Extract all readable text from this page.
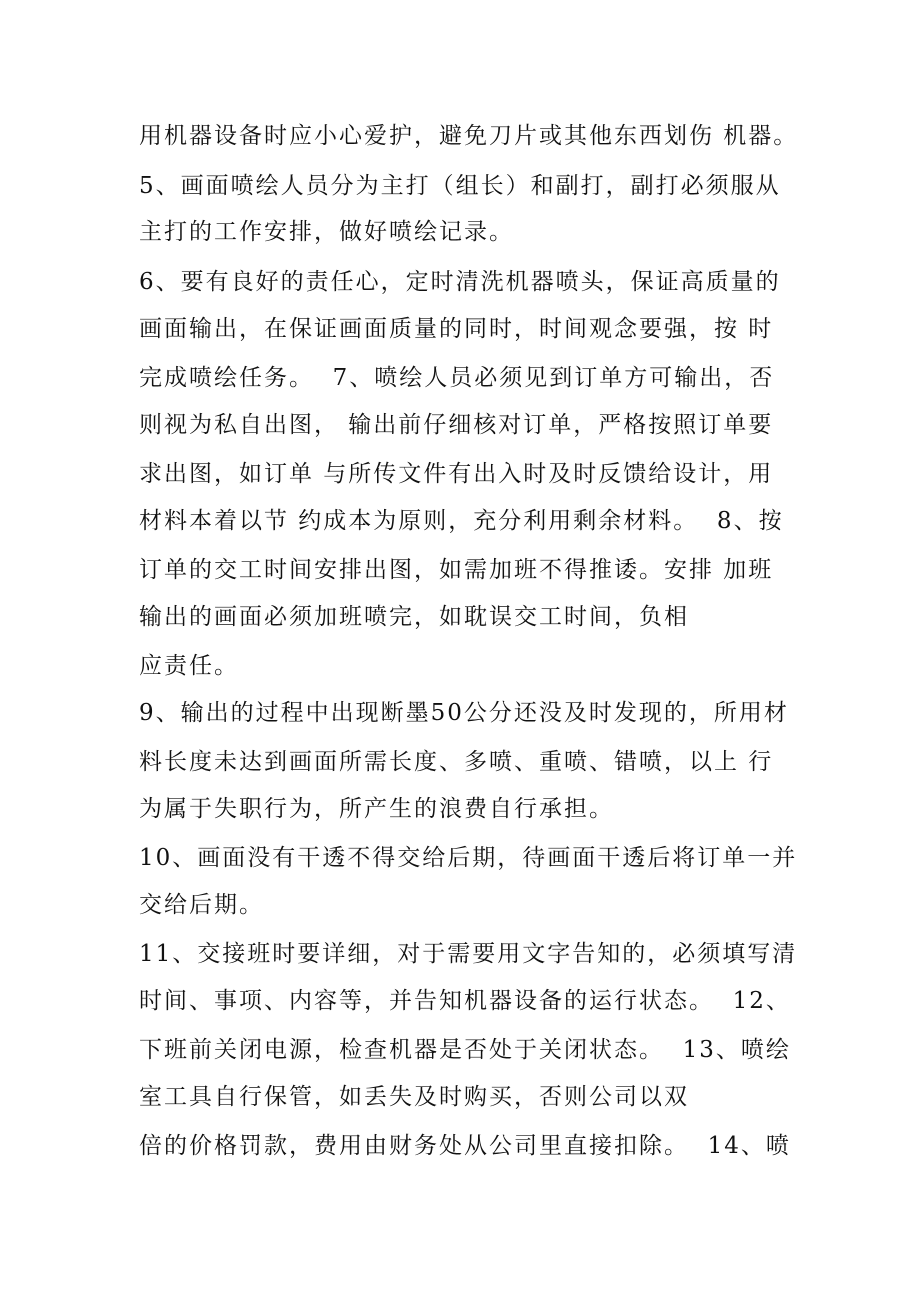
用机器设备时应小心爱护，避免刀片或其他东西划伤 机器。
5、画面喷绘人员分为主打（组长）和副打，副打必须服从
主打的工作安排，做好喷绘记录。
6、要有良好的责任心，定时清洗机器喷头，保证高质量的
画面输出，在保证画面质量的同时，时间观念要强，按 时
完成喷绘任务。  7、喷绘人员必须见到订单方可输出，否
则视为私自出图， 输出前仔细核对订单，严格按照订单要
求出图，如订单 与所传文件有出入时及时反馈给设计，用
材料本着以节 约成本为原则，充分利用剩余材料。  8、按
订单的交工时间安排出图，如需加班不得推诿。安排 加班
输出的画面必须加班喷完，如耽误交工时间，负相
应责任。
9、输出的过程中出现断墨50公分还没及时发现的，所用材
料长度未达到画面所需长度、多喷、重喷、错喷，以上 行
为属于失职行为，所产生的浪费自行承担。
10、画面没有干透不得交给后期，待画面干透后将订单一并
交给后期。
11、交接班时要详细，对于需要用文字告知的，必须填写清
时间、事项、内容等，并告知机器设备的运行状态。  12、
下班前关闭电源，检查机器是否处于关闭状态。  13、喷绘
室工具自行保管，如丢失及时购买，否则公司以双
倍的价格罚款，费用由财务处从公司里直接扣除。  14、喷
